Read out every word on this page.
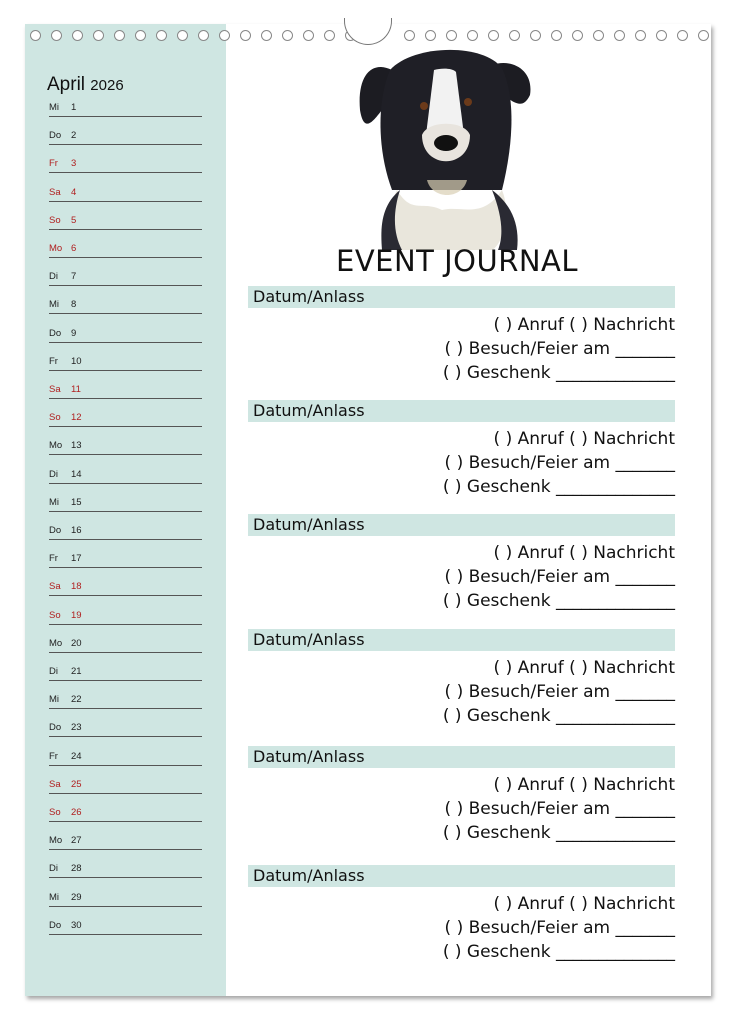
April 2026
Mi 1
Do 2
Fr 3
Sa 4
So 5
Mo 6
Di 7
Mi 8
Do 9
Fr 10
Sa 11
So 12
Mo 13
Di 14
Mi 15
Do 16
Fr 17
Sa 18
So 19
Mo 20
Di 21
Mi 22
Do 23
Fr 24
Sa 25
So 26
Mo 27
Di 28
Mi 29
Do 30
EVENT JOURNAL
Datum/Anlass
( ) Anruf ( ) Nachricht
( ) Besuch/Feier am _______
( ) Geschenk ______________
Datum/Anlass
( ) Anruf ( ) Nachricht
( ) Besuch/Feier am _______
( ) Geschenk ______________
Datum/Anlass
( ) Anruf ( ) Nachricht
( ) Besuch/Feier am _______
( ) Geschenk ______________
Datum/Anlass
( ) Anruf ( ) Nachricht
( ) Besuch/Feier am _______
( ) Geschenk ______________
Datum/Anlass
( ) Anruf ( ) Nachricht
( ) Besuch/Feier am _______
( ) Geschenk ______________
Datum/Anlass
( ) Anruf ( ) Nachricht
( ) Besuch/Feier am _______
( ) Geschenk ______________
